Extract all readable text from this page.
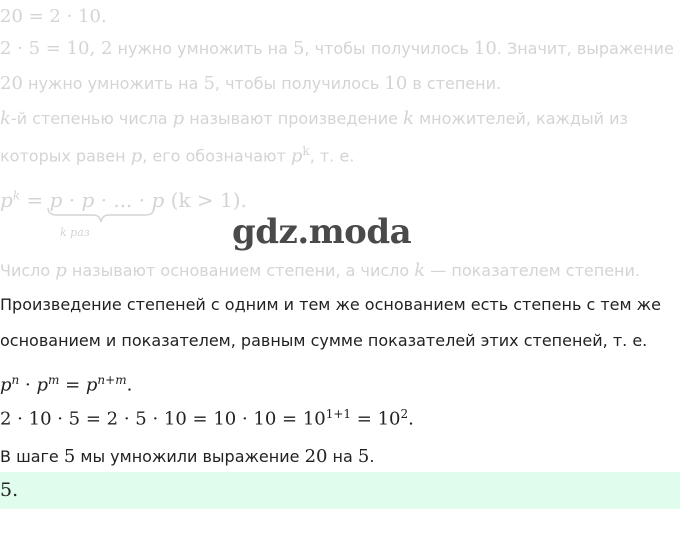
20 = 2 · 10.
2 · 5 = 10, 2 нужно умножить на 5, чтобы получилось 10. Значит, выражение
20 нужно умножить на 5, чтобы получилось 10 в степени.
k-й степенью числа p называют произведение k множителей, каждый из
которых равен p, его обозначают $p^k$, т. е.
$p^k = p \cdot p$ · ... · p (k > 1).
k раз	gdz.moda
Число p называют основанием степени, а число k — показателем степени.
Произведение степеней с одним и тем же основанием есть степень с тем же
основанием и показателем, равным сумме показателей этих степеней, т. е.
$p^n \cdot p^m = p^{n+m}$.
$2 \cdot 10 \cdot 5 = 2 \cdot 5 \cdot 10 = 10 \cdot 10 = 10^{1+1} = 10^2$.
В шаге 5 мы умножили выражение 20 на 5.
5.
